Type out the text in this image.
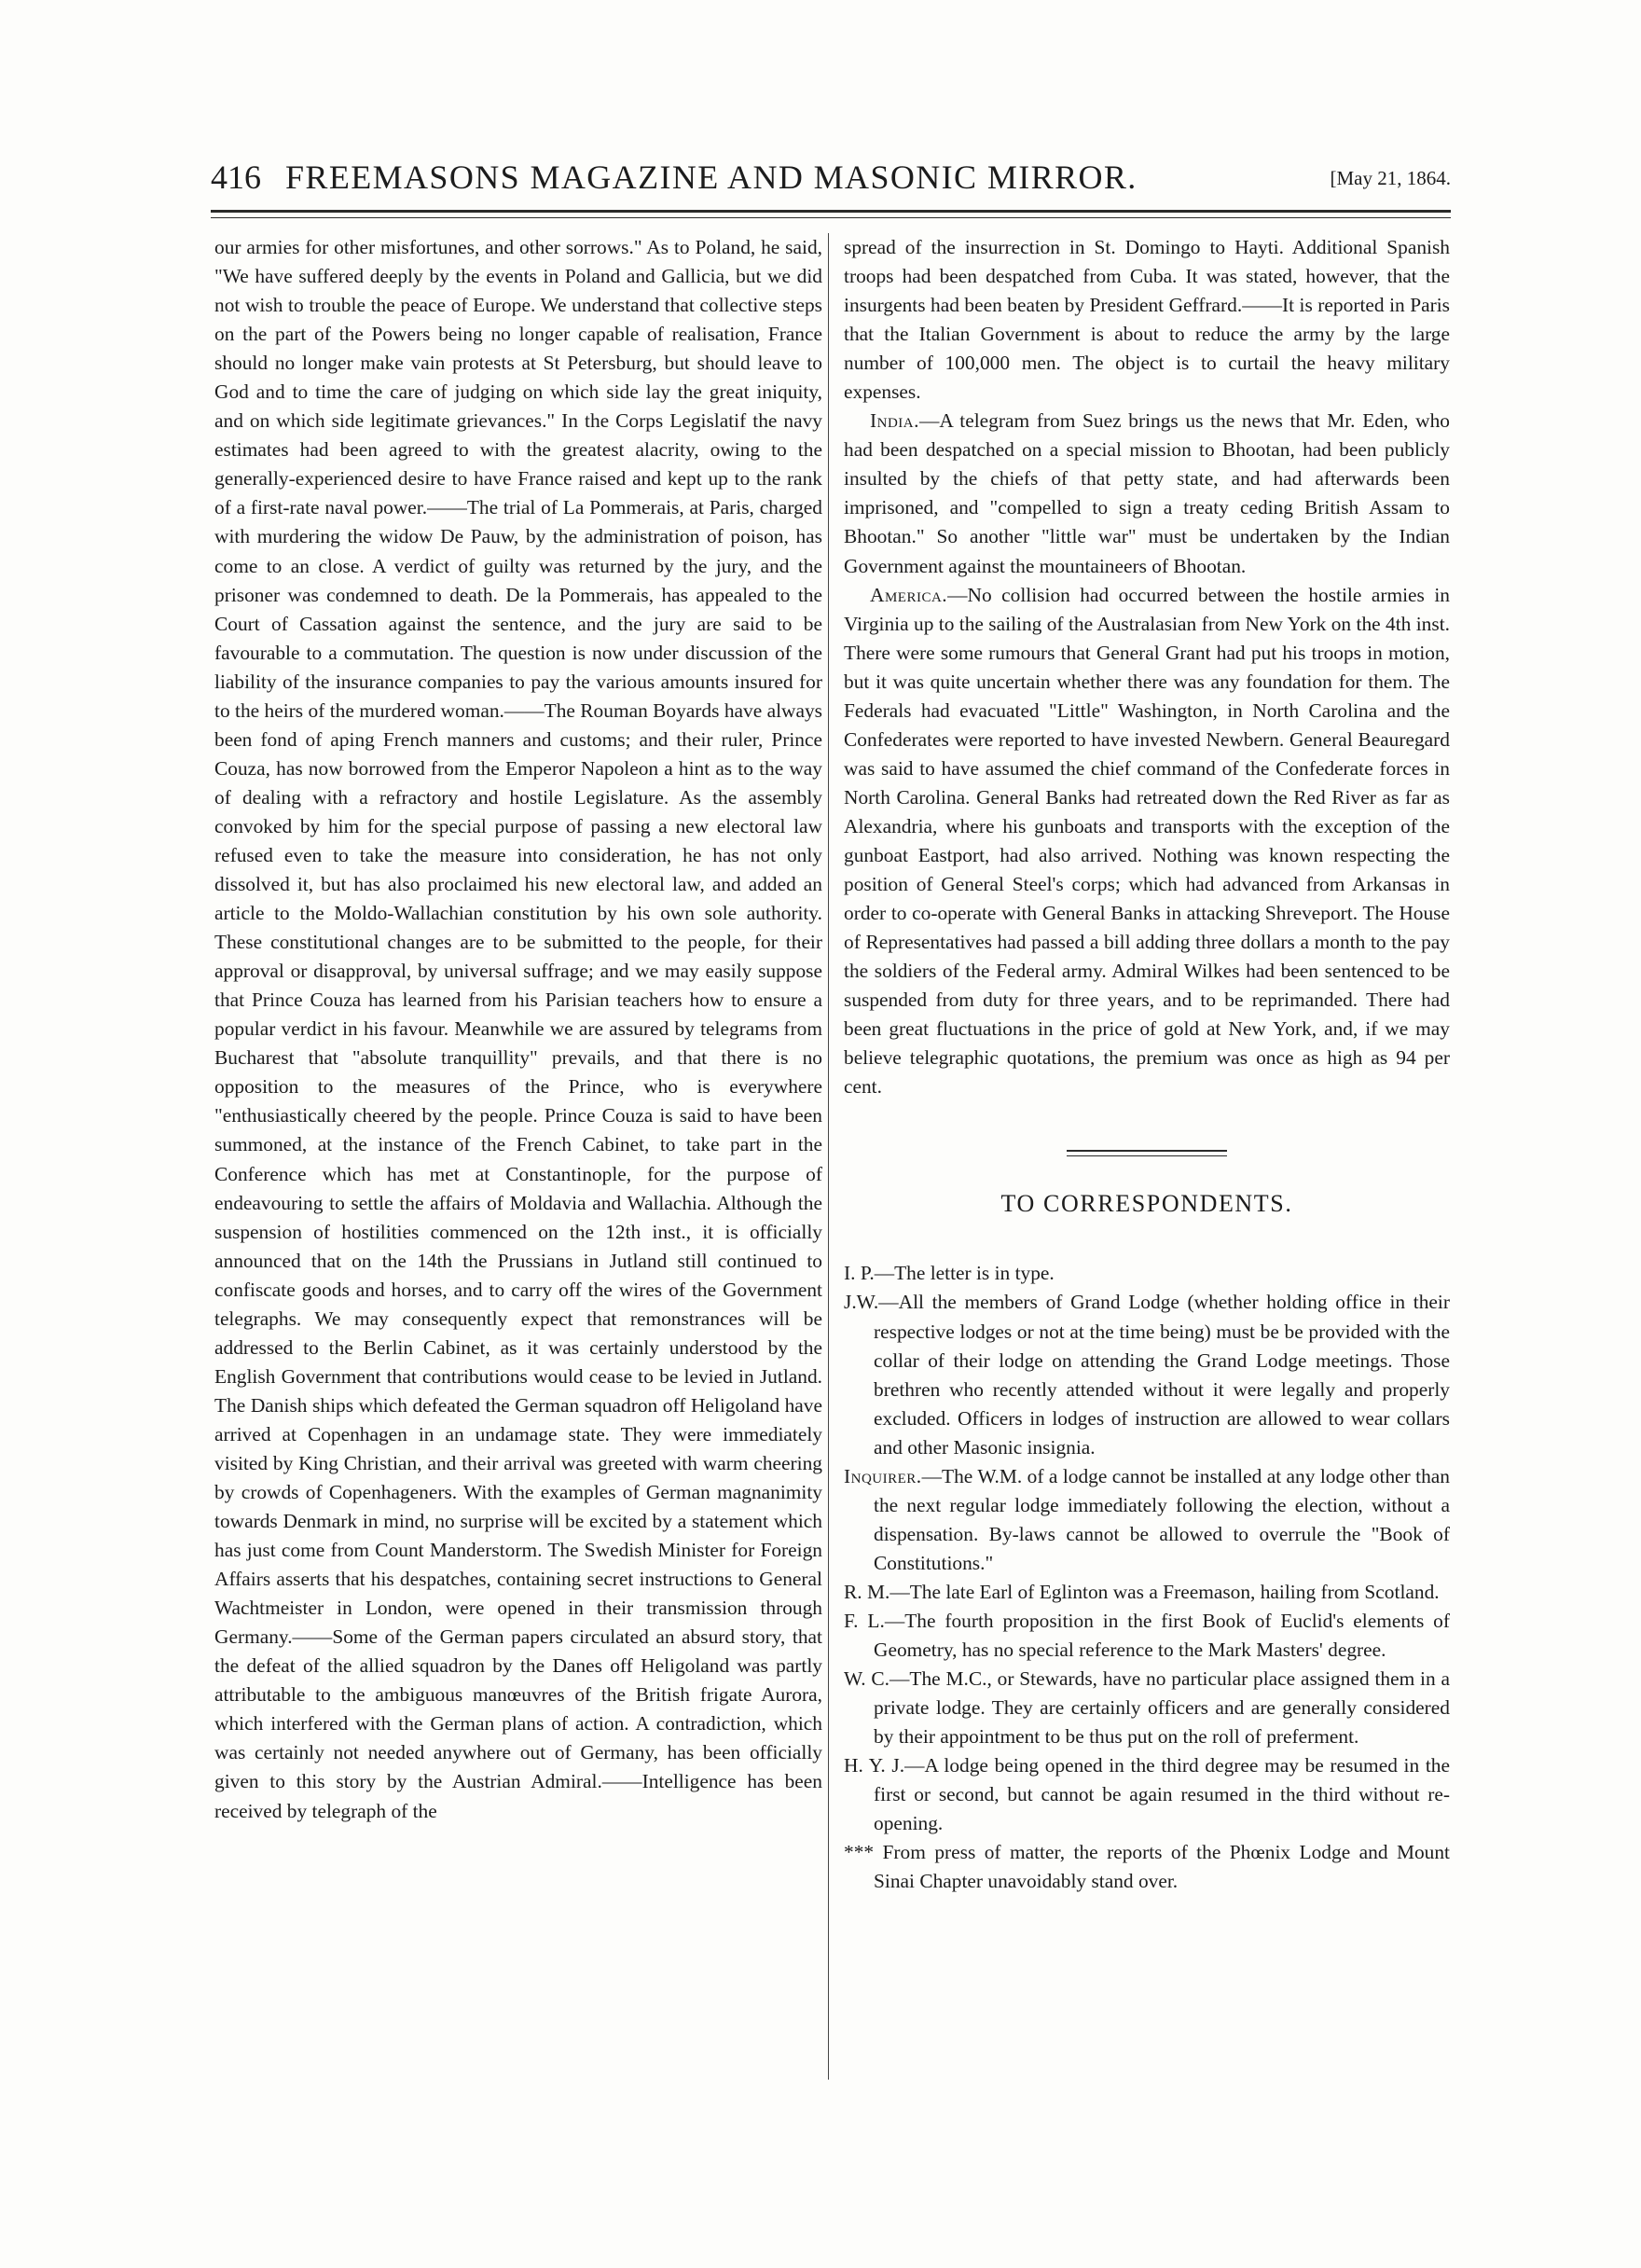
416 FREEMASONS MAGAZINE AND MASONIC MIRROR.	[May 21, 1864.

our armies for other misfortunes, and other sorrows." As to Poland, he said, "We have suffered deeply by the events in Poland and Gallicia, but we did not wish to trouble the peace of Europe. We understand that collective steps on the part of the Powers being no longer capable of realisation, France should no longer make vain protests at St Petersburg, but should leave to God and to time the care of judging on which side lay the great iniquity, and on which side legitimate grievances." In the Corps Legislatif the navy estimates had been agreed to with the greatest alacrity, owing to the generally-experienced desire to have France raised and kept up to the rank of a first-rate naval power.——The trial of La Pommerais, at Paris, charged with murdering the widow De Pauw, by the administration of poison, has come to an close. A verdict of guilty was returned by the jury, and the prisoner was condemned to death. De la Pommerais, has appealed to the Court of Cassation against the sentence, and the jury are said to be favourable to a commutation. The question is now under discussion of the liability of the insurance companies to pay the various amounts insured for to the heirs of the murdered woman.——The Rouman Boyards have always been fond of aping French manners and customs; and their ruler, Prince Couza, has now borrowed from the Emperor Napoleon a hint as to the way of dealing with a refractory and hostile Legislature. As the assembly convoked by him for the special purpose of passing a new electoral law refused even to take the measure into consideration, he has not only dissolved it, but has also proclaimed his new electoral law, and added an article to the Moldo-Wallachian constitution by his own sole authority. These constitutional changes are to be submitted to the people, for their approval or disapproval, by universal suffrage; and we may easily suppose that Prince Couza has learned from his Parisian teachers how to ensure a popular verdict in his favour. Meanwhile we are assured by telegrams from Bucharest that "absolute tranquillity" prevails, and that there is no opposition to the measures of the Prince, who is everywhere "enthusiastically cheered by the people. Prince Couza is said to have been summoned, at the instance of the French Cabinet, to take part in the Conference which has met at Constantinople, for the purpose of endeavouring to settle the affairs of Moldavia and Wallachia. Although the suspension of hostilities commenced on the 12th inst., it is officially announced that on the 14th the Prussians in Jutland still continued to confiscate goods and horses, and to carry off the wires of the Government telegraphs. We may consequently expect that remonstrances will be addressed to the Berlin Cabinet, as it was certainly understood by the English Government that contributions would cease to be levied in Jutland. The Danish ships which defeated the German squadron off Heligoland have arrived at Copenhagen in an undamage state. They were immediately visited by King Christian, and their arrival was greeted with warm cheering by crowds of Copenhageners. With the examples of German magnanimity towards Denmark in mind, no surprise will be excited by a statement which has just come from Count Manderstorm. The Swedish Minister for Foreign Affairs asserts that his despatches, containing secret instructions to General Wachtmeister in London, were opened in their transmission through Germany.——Some of the German papers circulated an absurd story, that the defeat of the allied squadron by the Danes off Heligoland was partly attributable to the ambiguous manœuvres of the British frigate Aurora, which interfered with the German plans of action. A contradiction, which was certainly not needed anywhere out of Germany, has been officially given to this story by the Austrian Admiral.——Intelligence has been received by telegraph of the

spread of the insurrection in St. Domingo to Hayti. Additional Spanish troops had been despatched from Cuba. It was stated, however, that the insurgents had been beaten by President Geffrard.——It is reported in Paris that the Italian Government is about to reduce the army by the large number of 100,000 men. The object is to curtail the heavy military expenses.

India.—A telegram from Suez brings us the news that Mr. Eden, who had been despatched on a special mission to Bhootan, had been publicly insulted by the chiefs of that petty state, and had afterwards been imprisoned, and "compelled to sign a treaty ceding British Assam to Bhootan." So another "little war" must be undertaken by the Indian Government against the mountaineers of Bhootan.

America.—No collision had occurred between the hostile armies in Virginia up to the sailing of the Australasian from New York on the 4th inst. There were some rumours that General Grant had put his troops in motion, but it was quite uncertain whether there was any foundation for them. The Federals had evacuated "Little" Washington, in North Carolina and the Confederates were reported to have invested Newbern. General Beauregard was said to have assumed the chief command of the Confederate forces in North Carolina. General Banks had retreated down the Red River as far as Alexandria, where his gunboats and transports with the exception of the gunboat Eastport, had also arrived. Nothing was known respecting the position of General Steel's corps; which had advanced from Arkansas in order to co-operate with General Banks in attacking Shreveport. The House of Representatives had passed a bill adding three dollars a month to the pay the soldiers of the Federal army. Admiral Wilkes had been sentenced to be suspended from duty for three years, and to be reprimanded. There had been great fluctuations in the price of gold at New York, and, if we may believe telegraphic quotations, the premium was once as high as 94 per cent.

TO CORRESPONDENTS.
I. P.—The letter is in type.
J.W.—All the members of Grand Lodge (whether holding office in their respective lodges or not at the time being) must be be provided with the collar of their lodge on attending the Grand Lodge meetings. Those brethren who recently attended without it were legally and properly excluded. Officers in lodges of instruction are allowed to wear collars and other Masonic insignia.
Inquirer.—The W.M. of a lodge cannot be installed at any lodge other than the next regular lodge immediately following the election, without a dispensation. By-laws cannot be allowed to overrule the "Book of Constitutions."
R. M.—The late Earl of Eglinton was a Freemason, hailing from Scotland.
F. L.—The fourth proposition in the first Book of Euclid's elements of Geometry, has no special reference to the Mark Masters' degree.
W. C.—The M.C., or Stewards, have no particular place assigned them in a private lodge. They are certainly officers and are generally considered by their appointment to be thus put on the roll of preferment.
H. Y. J.—A lodge being opened in the third degree may be resumed in the first or second, but cannot be again resumed in the third without re-opening.
*** From press of matter, the reports of the Phœnix Lodge and Mount Sinai Chapter unavoidably stand over.
